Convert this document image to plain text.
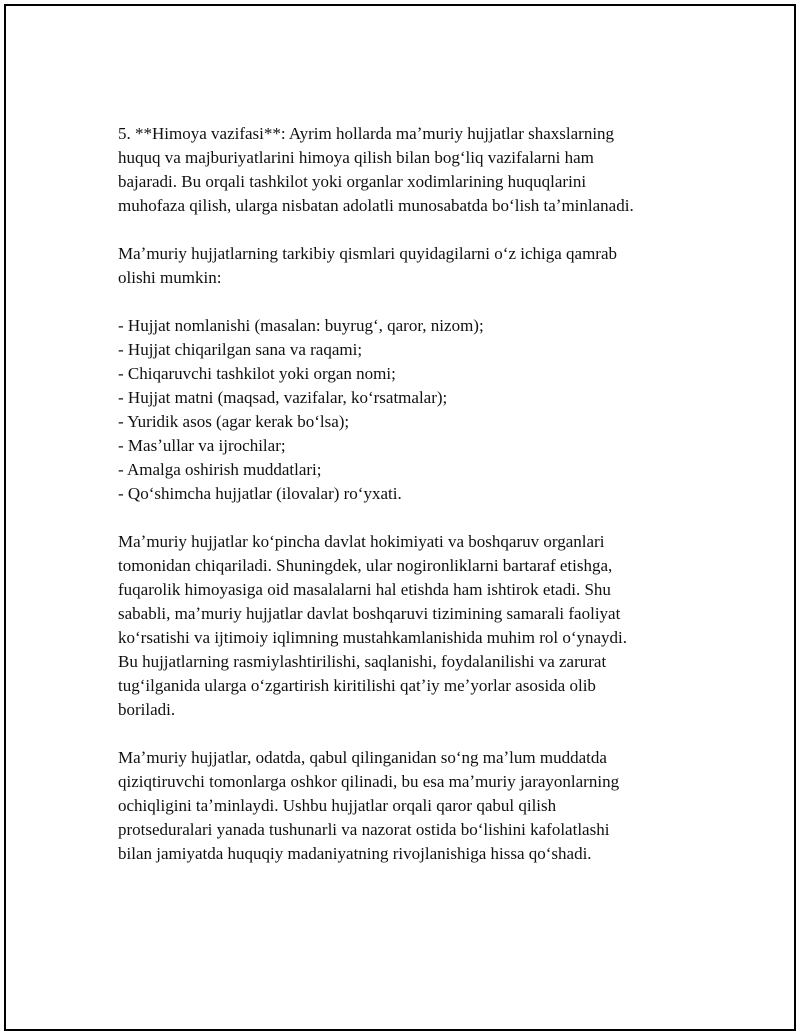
5. **Himoya vazifasi**: Ayrim hollarda maʼmuriy hujjatlar shaxslarning
huquq va majburiyatlarini himoya qilish bilan bogʻliq vazifalarni ham
bajaradi. Bu orqali tashkilot yoki organlar xodimlarining huquqlarini
muhofaza qilish, ularga nisbatan adolatli munosabatda boʻlish taʼminlanadi.

Maʼmuriy hujjatlarning tarkibiy qismlari quyidagilarni oʻz ichiga qamrab
olishi mumkin:

- Hujjat nomlanishi (masalan: buyrugʻ, qaror, nizom);
- Hujjat chiqarilgan sana va raqami;
- Chiqaruvchi tashkilot yoki organ nomi;
- Hujjat matni (maqsad, vazifalar, koʻrsatmalar);
- Yuridik asos (agar kerak boʻlsa);
- Masʼullar va ijrochilar;
- Amalga oshirish muddatlari;
- Qoʻshimcha hujjatlar (ilovalar) roʻyxati.

Maʼmuriy hujjatlar koʻpincha davlat hokimiyati va boshqaruv organlari
tomonidan chiqariladi. Shuningdek, ular nogironliklarni bartaraf etishga,
fuqarolik himoyasiga oid masalalarni hal etishda ham ishtirok etadi. Shu
sababli, maʼmuriy hujjatlar davlat boshqaruvi tizimining samarali faoliyat
koʻrsatishi va ijtimoiy iqlimning mustahkamlanishida muhim rol oʻynaydi.
Bu hujjatlarning rasmiylashtirilishi, saqlanishi, foydalanilishi va zarurat
tugʻilganida ularga oʻzgartirish kiritilishi qatʼiy meʼyorlar asosida olib
boriladi.

Maʼmuriy hujjatlar, odatda, qabul qilinganidan soʻng maʼlum muddatda
qiziqtiruvchi tomonlarga oshkor qilinadi, bu esa maʼmuriy jarayonlarning
ochiqligini taʼminlaydi. Ushbu hujjatlar orqali qaror qabul qilish
protseduralari yanada tushunarli va nazorat ostida boʻlishini kafolatlashi
bilan jamiyatda huquqiy madaniyatning rivojlanishiga hissa qoʻshadi.
